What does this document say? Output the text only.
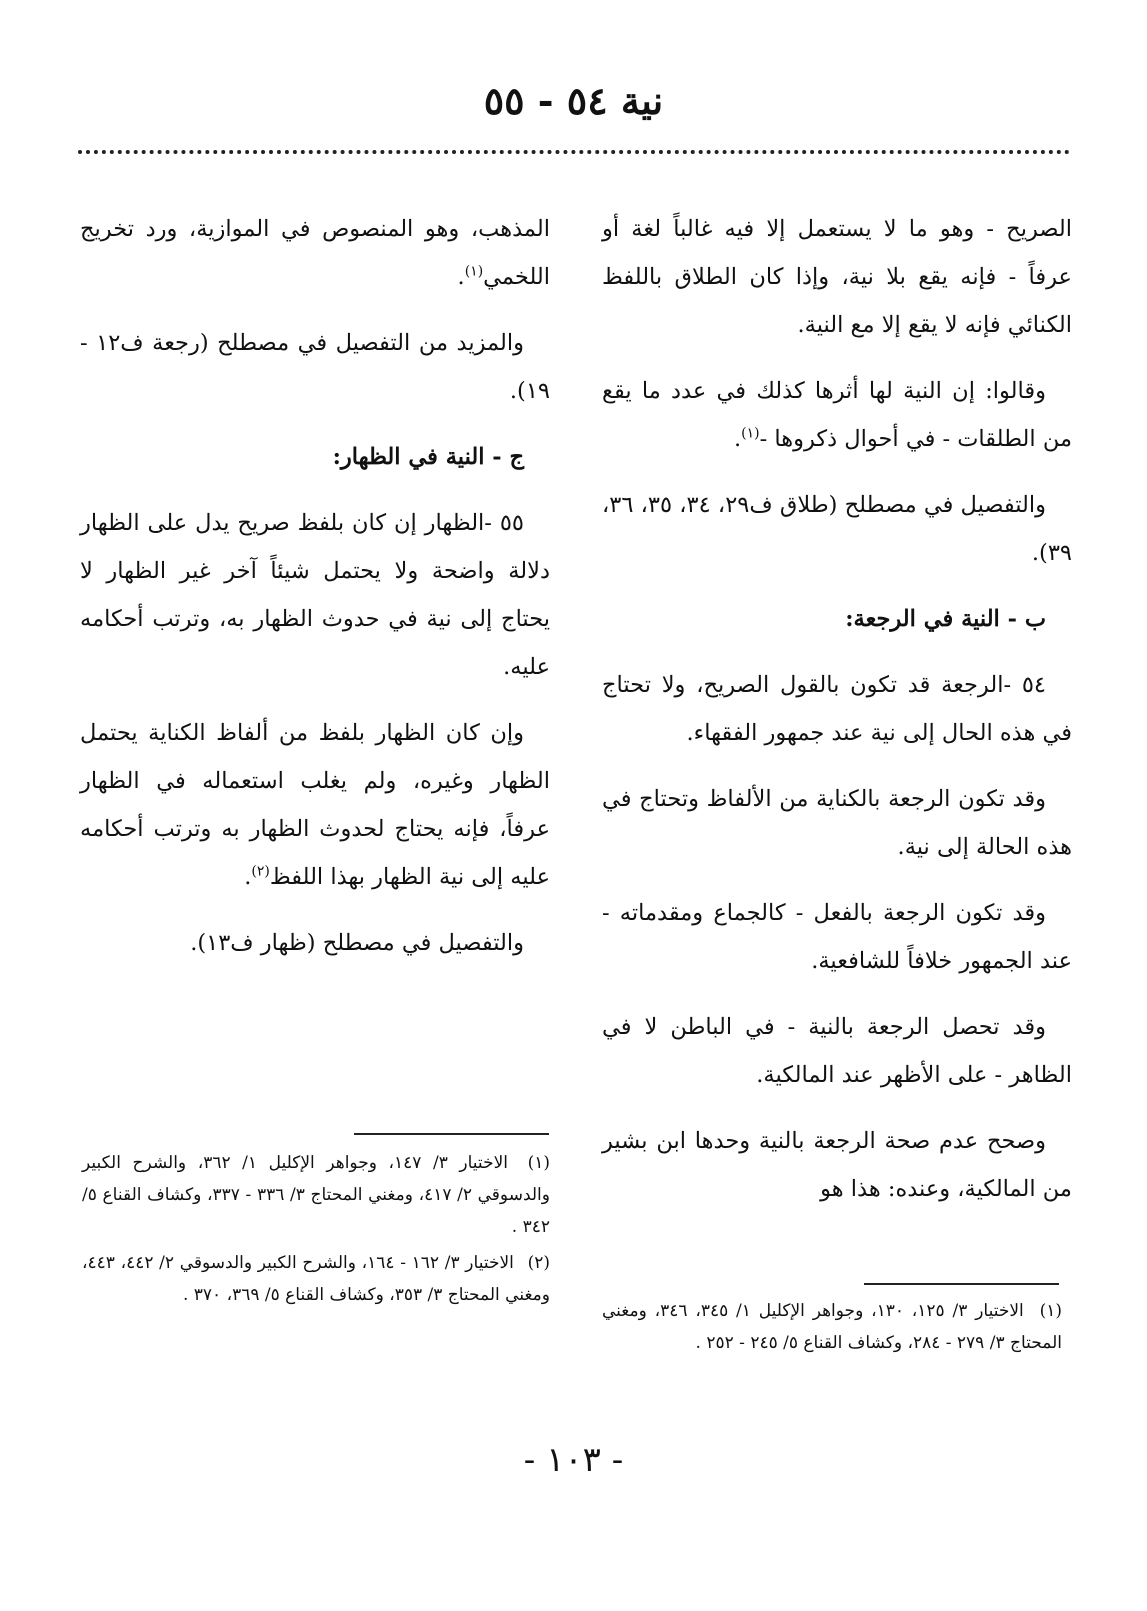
نية ٥٤ - ٥٥

الصريح - وهو ما لا يستعمل إلا فيه غالباً لغة أو عرفاً - فإنه يقع بلا نية، وإذا كان الطلاق باللفظ الكنائي فإنه لا يقع إلا مع النية.

وقالوا: إن النية لها أثرها كذلك في عدد ما يقع من الطلقات - في أحوال ذكروها -$^{(١)}$.

والتفصيل في مصطلح (طلاق ف٢٩، ٣٤، ٣٥، ٣٦، ٣٩).

ب - النية في الرجعة:

٥٤ -الرجعة قد تكون بالقول الصريح، ولا تحتاج في هذه الحال إلى نية عند جمهور الفقهاء.

وقد تكون الرجعة بالكناية من الألفاظ وتحتاج في هذه الحالة إلى نية.

وقد تكون الرجعة بالفعل - كالجماع ومقدماته - عند الجمهور خلافاً للشافعية.

وقد تحصل الرجعة بالنية - في الباطن لا في الظاهر - على الأظهر عند المالكية.

وصحح عدم صحة الرجعة بالنية وحدها ابن بشير من المالكية، وعنده: هذا هو

المذهب، وهو المنصوص في الموازية، ورد تخريج اللخمي$^{(١)}$.

والمزيد من التفصيل في مصطلح (رجعة ف١٢ - ١٩).

ج - النية في الظهار:

٥٥ -الظهار إن كان بلفظ صريح يدل على الظهار دلالة واضحة ولا يحتمل شيئاً آخر غير الظهار لا يحتاج إلى نية في حدوث الظهار به، وترتب أحكامه عليه.

وإن كان الظهار بلفظ من ألفاظ الكناية يحتمل الظهار وغيره، ولم يغلب استعماله في الظهار عرفاً، فإنه يحتاج لحدوث الظهار به وترتب أحكامه عليه إلى نية الظهار بهذا اللفظ$^{(٢)}$.

والتفصيل في مصطلح (ظهار ف١٣).

(١) الاختيار ٣/ ١٢٥، ١٣٠، وجواهر الإكليل ١/ ٣٤٥، ٣٤٦، ومغني المحتاج ٣/ ٢٧٩ - ٢٨٤، وكشاف القناع ٥/ ٢٤٥ - ٢٥٢ .

(١) الاختيار ٣/ ١٤٧، وجواهر الإكليل ١/ ٣٦٢، والشرح الكبير والدسوقي ٢/ ٤١٧، ومغني المحتاج ٣/ ٣٣٦ - ٣٣٧، وكشاف القناع ٥/ ٣٤٢ .

(٢) الاختيار ٣/ ١٦٢ - ١٦٤، والشرح الكبير والدسوقي ٢/ ٤٤٢، ٤٤٣، ومغني المحتاج ٣/ ٣٥٣، وكشاف القناع ٥/ ٣٦٩، ٣٧٠ .

- ١٠٣ -
